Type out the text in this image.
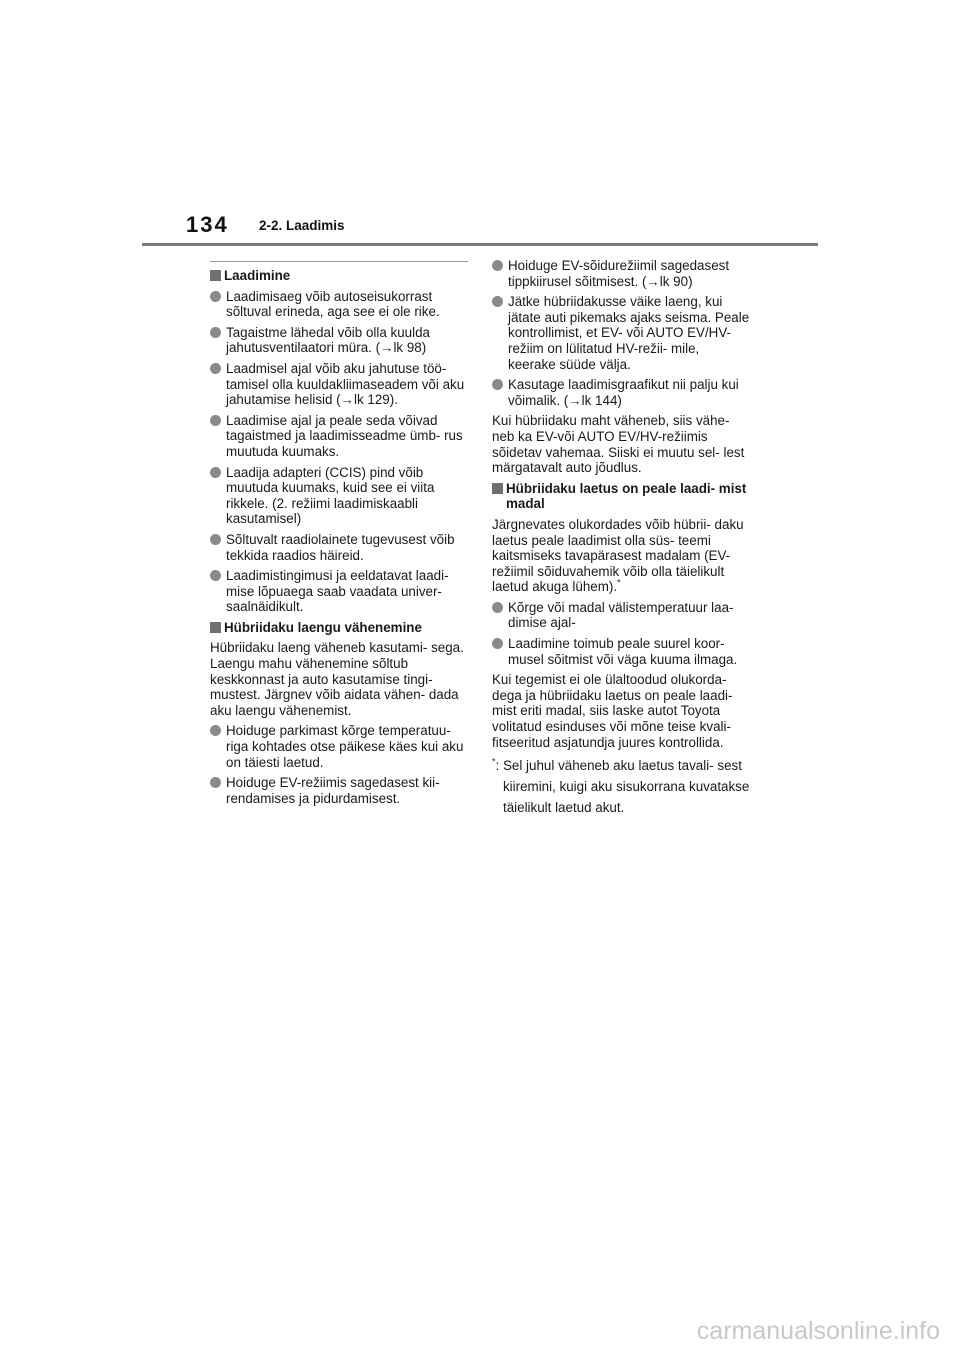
134 2-2. Laadimis
Laadimine
Laadimisaeg võib autoseisukorrast sõltuval erineda, aga see ei ole rike.
Tagaistme lähedal võib olla kuulda jahutusventilaatori müra. (→lk 98)
Laadmisel ajal võib aku jahutuse töö- tamisel olla kuuldakliimaseadem või aku jahutamise helisid (→lk 129).
Laadimise ajal ja peale seda võivad tagaistmed ja laadimisseadme ümb- rus muutuda kuumaks.
Laadija adapteri (CCIS) pind võib muutuda kuumaks, kuid see ei viita rikkele. (2. režiimi laadimiskaabli kasutamisel)
Sõltuvalt raadiolainete tugevusest võib tekkida raadios häireid.
Laadimistingimusi ja eeldatavat laadi- mise lõpuaega saab vaadata univer- saalnäidikult.
Hübriidaku laengu vähenemine
Hübriidaku laeng väheneb kasutami- sega. Laengu mahu vähenemine sõltub keskkonnast ja auto kasutamise tingi- mustest. Järgnev võib aidata vähen- dada aku laengu vähenemist.
Hoiduge parkimast kõrge temperatuu- riga kohtades otse päikese käes kui aku on täiesti laetud.
Hoiduge EV-režiimis sagedasest kii- rendamises ja pidurdamisest.
Hoiduge EV-sõidurežiimil sagedasest tippkiirusel sõitmisest. (→lk 90)
Jätke hübriidakusse väike laeng, kui jätate auti pikemaks ajaks seisma. Peale kontrollimist, et EV- või AUTO EV/HV-režiim on lülitatud HV-režii- mile, keerake süüde välja.
Kasutage laadimisgraafikut nii palju kui võimalik. (→lk 144)
Kui hübriidaku maht väheneb, siis vähe- neb ka EV-või AUTO EV/HV-režiimis sõidetav vahemaa. Siiski ei muutu sel- lest märgatavalt auto jõudlus.
Hübriidaku laetus on peale laadi- mist madal
Järgnevates olukordades võib hübrii- daku laetus peale laadimist olla süs- teemi kaitsmiseks tavapärasest madalam (EV-režiimil sõiduvahemik võib olla täielikult laetud akuga lühem).*
Kõrge või madal välistemperatuur laa- dimise ajal-
Laadimine toimub peale suurel koor- musel sõitmist või väga kuuma ilmaga.
Kui tegemist ei ole ülaltoodud olukorda- dega ja hübriidaku laetus on peale laadi- mist eriti madal, siis laske autot Toyota volitatud esinduses või mõne teise kvali- fitseeritud asjatundja juures kontrollida.
*: Sel juhul väheneb aku laetus tavali- sest kiiremini, kuigi aku sisukorrana kuvatakse täielikult laetud akut.
carmanualsonline.info
